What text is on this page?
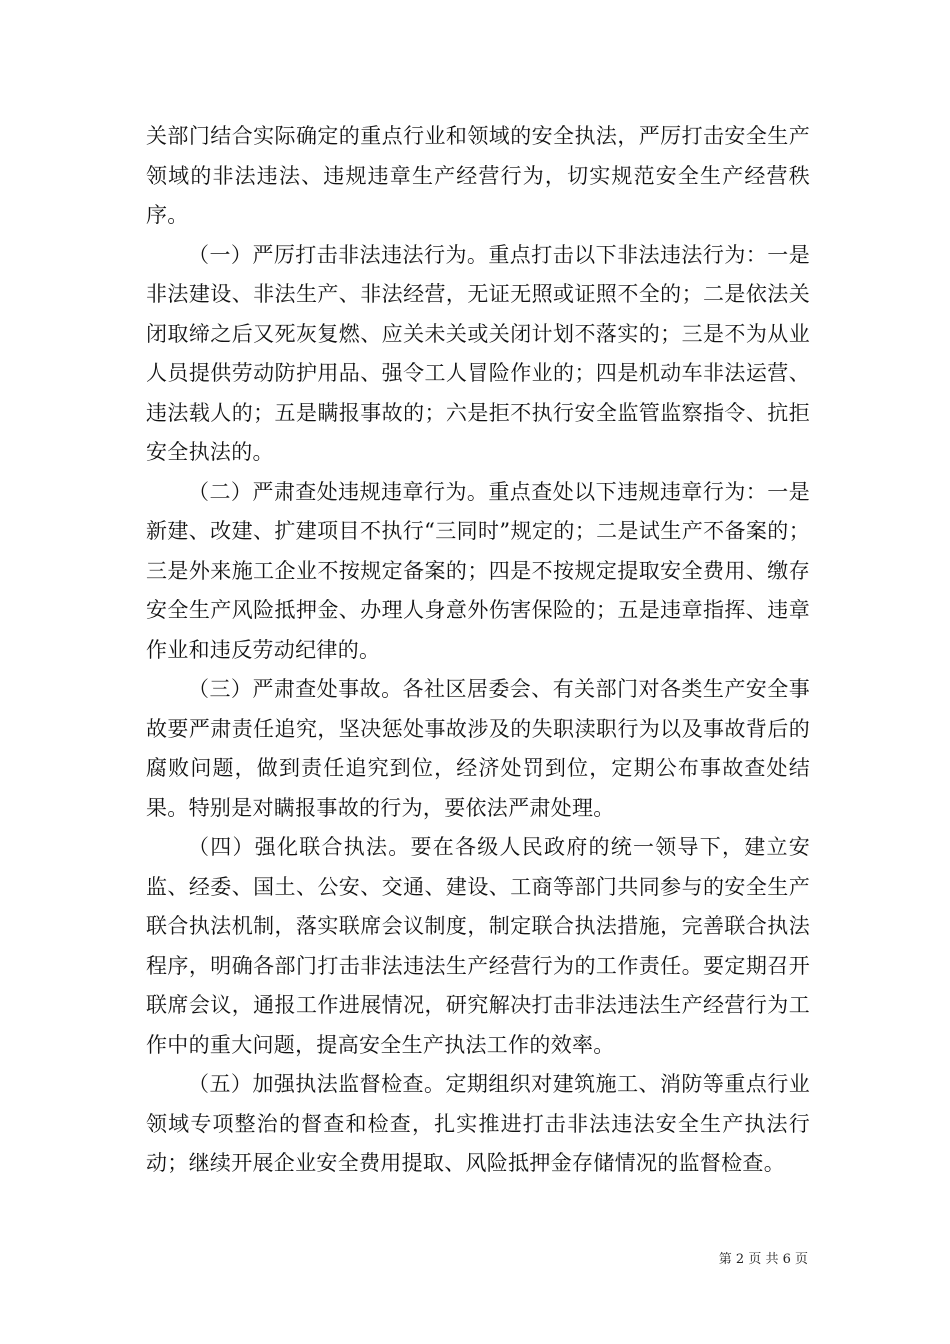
关部门结合实际确定的重点行业和领域的安全执法，严厉打击安全生产领域的非法违法、违规违章生产经营行为，切实规范安全生产经营秩序。

（一）严厉打击非法违法行为。重点打击以下非法违法行为：一是非法建设、非法生产、非法经营，无证无照或证照不全的；二是依法关闭取缔之后又死灰复燃、应关未关或关闭计划不落实的；三是不为从业人员提供劳动防护用品、强令工人冒险作业的；四是机动车非法运营、违法载人的；五是瞒报事故的；六是拒不执行安全监管监察指令、抗拒安全执法的。

（二）严肃查处违规违章行为。重点查处以下违规违章行为：一是新建、改建、扩建项目不执行“三同时”规定的；二是试生产不备案的；三是外来施工企业不按规定备案的；四是不按规定提取安全费用、缴存安全生产风险抵押金、办理人身意外伤害保险的；五是违章指挥、违章作业和违反劳动纪律的。

（三）严肃查处事故。各社区居委会、有关部门对各类生产安全事故要严肃责任追究，坚决惩处事故涉及的失职渎职行为以及事故背后的腐败问题，做到责任追究到位，经济处罚到位，定期公布事故查处结果。特别是对瞒报事故的行为，要依法严肃处理。

（四）强化联合执法。要在各级人民政府的统一领导下，建立安监、经委、国土、公安、交通、建设、工商等部门共同参与的安全生产联合执法机制，落实联席会议制度，制定联合执法措施，完善联合执法程序，明确各部门打击非法违法生产经营行为的工作责任。要定期召开联席会议，通报工作进展情况，研究解决打击非法违法生产经营行为工作中的重大问题，提高安全生产执法工作的效率。

（五）加强执法监督检查。定期组织对建筑施工、消防等重点行业领域专项整治的督查和检查，扎实推进打击非法违法安全生产执法行动；继续开展企业安全费用提取、风险抵押金存储情况的监督检查。

第 2 页 共 6 页
